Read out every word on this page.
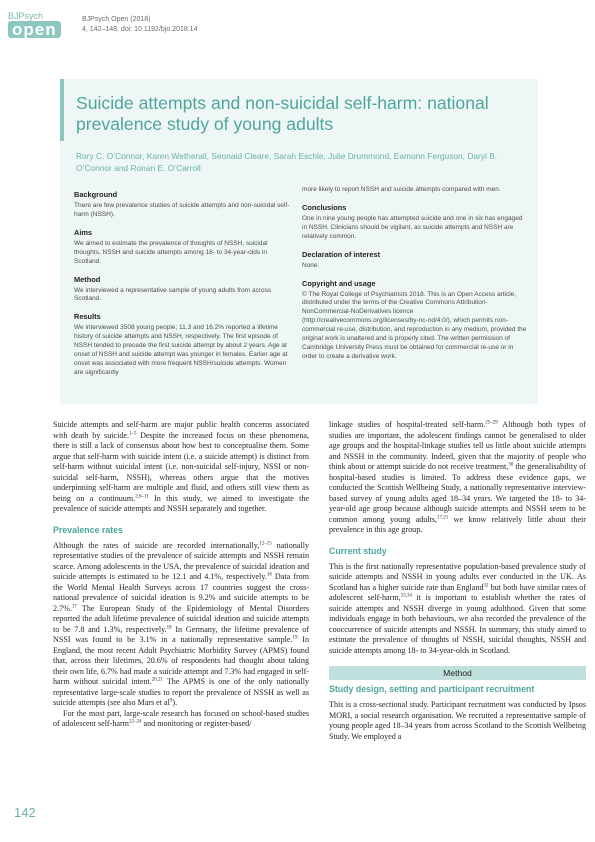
BJPsych
open
BJPsych Open (2018)
4, 142–148. doi: 10.1192/bjo.2018.14
Suicide attempts and non-suicidal self-harm: national prevalence study of young adults
Rory C. O’Connor, Karen Wetherall, Seonaid Cleare, Sarah Eschle, Julie Drummond, Eamonn Ferguson, Daryl B. O’Connor and Ronan E. O’Carroll
Background
There are few prevalence studies of suicide attempts and non-suicidal self-harm (NSSH).
Aims
We aimed to estimate the prevalence of thoughts of NSSH, suicidal thoughts, NSSH and suicide attempts among 18- to 34-year-olds in Scotland.
Method
We interviewed a representative sample of young adults from across Scotland.
Results
We interviewed 3508 young people; 11.3 and 16.2% reported a lifetime history of suicide attempts and NSSH, respectively. The first episode of NSSH tended to precede the first suicide attempt by about 2 years. Age at onset of NSSH and suicide attempt was younger in females. Earlier age at onset was associated with more frequent NSSH/suicide attempts. Women are significantly
more likely to report NSSH and suicide attempts compared with men.
Conclusions
One in nine young people has attempted suicide and one in six has engaged in NSSH. Clinicians should be vigilant, as suicide attempts and NSSH are relatively common.
Declaration of interest
None.
Copyright and usage
© The Royal College of Psychiatrists 2018. This is an Open Access article, distributed under the terms of the Creative Commons Attribution-NonCommercial-NoDerivatives licence (http://creativecommons.org/licenses/by-nc-nd/4.0/), which permits non-commercial re-use, distribution, and reproduction in any medium, provided the original work is unaltered and is properly cited. The written permission of Cambridge University Press must be obtained for commercial re-use or in order to create a derivative work.

Suicide attempts and self-harm are major public health concerns associated with death by suicide.$^{1-5}$ Despite the increased focus on these phenomena, there is still a lack of consensus about how best to conceptualise them. Some argue that self-harm with suicide intent (i.e. a suicide attempt) is distinct from self-harm without suicidal intent (i.e. non-suicidal self-injury, NSSI or non-suicidal self-harm, NSSH), whereas others argue that the motives underpinning self-harm are multiple and fluid, and others still view them as being on a continuum.$^{2,6-11}$ In this study, we aimed to investigate the prevalence of suicide attempts and NSSH separately and together.

Prevalence rates

Although the rates of suicide are recorded internationally,$^{12-15}$ nationally representative studies of the prevalence of suicide attempts and NSSH remain scarce. Among adolescents in the USA, the prevalence of suicidal ideation and suicide attempts is estimated to be 12.1 and 4.1%, respectively.$^{16}$ Data from the World Mental Health Surveys across 17 countries suggest the cross-national prevalence of suicidal ideation is 9.2% and suicide attempts to be 2.7%.$^{17}$ The European Study of the Epidemiology of Mental Disorders reported the adult lifetime prevalence of suicidal ideation and suicide attempts to be 7.8 and 1.3%, respectively.$^{18}$ In Germany, the lifetime prevalence of NSSI was found to be 3.1% in a nationally representative sample.$^{19}$ In England, the most recent Adult Psychiatric Morbidity Survey (APMS) found that, across their lifetimes, 20.6% of respondents had thought about taking their own life, 6.7% had made a suicide attempt and 7.3% had engaged in self-harm without suicidal intent.$^{20,21}$ The APMS is one of the only nationally representative large-scale studies to report the prevalence of NSSH as well as suicide attempts (see also Mars et $al^9$).

For the most part, large-scale research has focused on school-based studies of adolescent self-harm$^{22-24}$ and monitoring or register-based/

linkage studies of hospital-treated self-harm.$^{25-29}$ Although both types of studies are important, the adolescent findings cannot be generalised to older age groups and the hospital-linkage studies tell us little about suicide attempts and NSSH in the community. Indeed, given that the majority of people who think about or attempt suicide do not receive treatment,$^{30}$ the generalisability of hospital-based studies is limited. To address these evidence gaps, we conducted the Scottish Wellbeing Study, a nationally representative interview-based survey of young adults aged 18–34 years. We targeted the 18- to 34-year-old age group because although suicide attempts and NSSH seem to be common among young adults,$^{17,21}$ we know relatively little about their prevalence in this age group.

Current study

This is the first nationally representative population-based prevalence study of suicide attempts and NSSH in young adults ever conducted in the UK. As Scotland has a higher suicide rate than England$^{32}$ but both have similar rates of adolescent self-harm,$^{33,34}$ it is important to establish whether the rates of suicide attempts and NSSH diverge in young adulthood. Given that some individuals engage in both behaviours, we also recorded the prevalence of the cooccurrence of suicide attempts and NSSH. In summary, this study aimed to estimate the prevalence of thoughts of NSSH, suicidal thoughts, NSSH and suicide attempts among 18- to 34-year-olds in Scotland.

Method
Study design, setting and participant recruitment

This is a cross-sectional study. Participant recruitment was conducted by Ipsos MORI, a social research organisation. We recruited a representative sample of young people aged 18–34 years from across Scotland to the Scottish Wellbeing Study. We employed a

142
